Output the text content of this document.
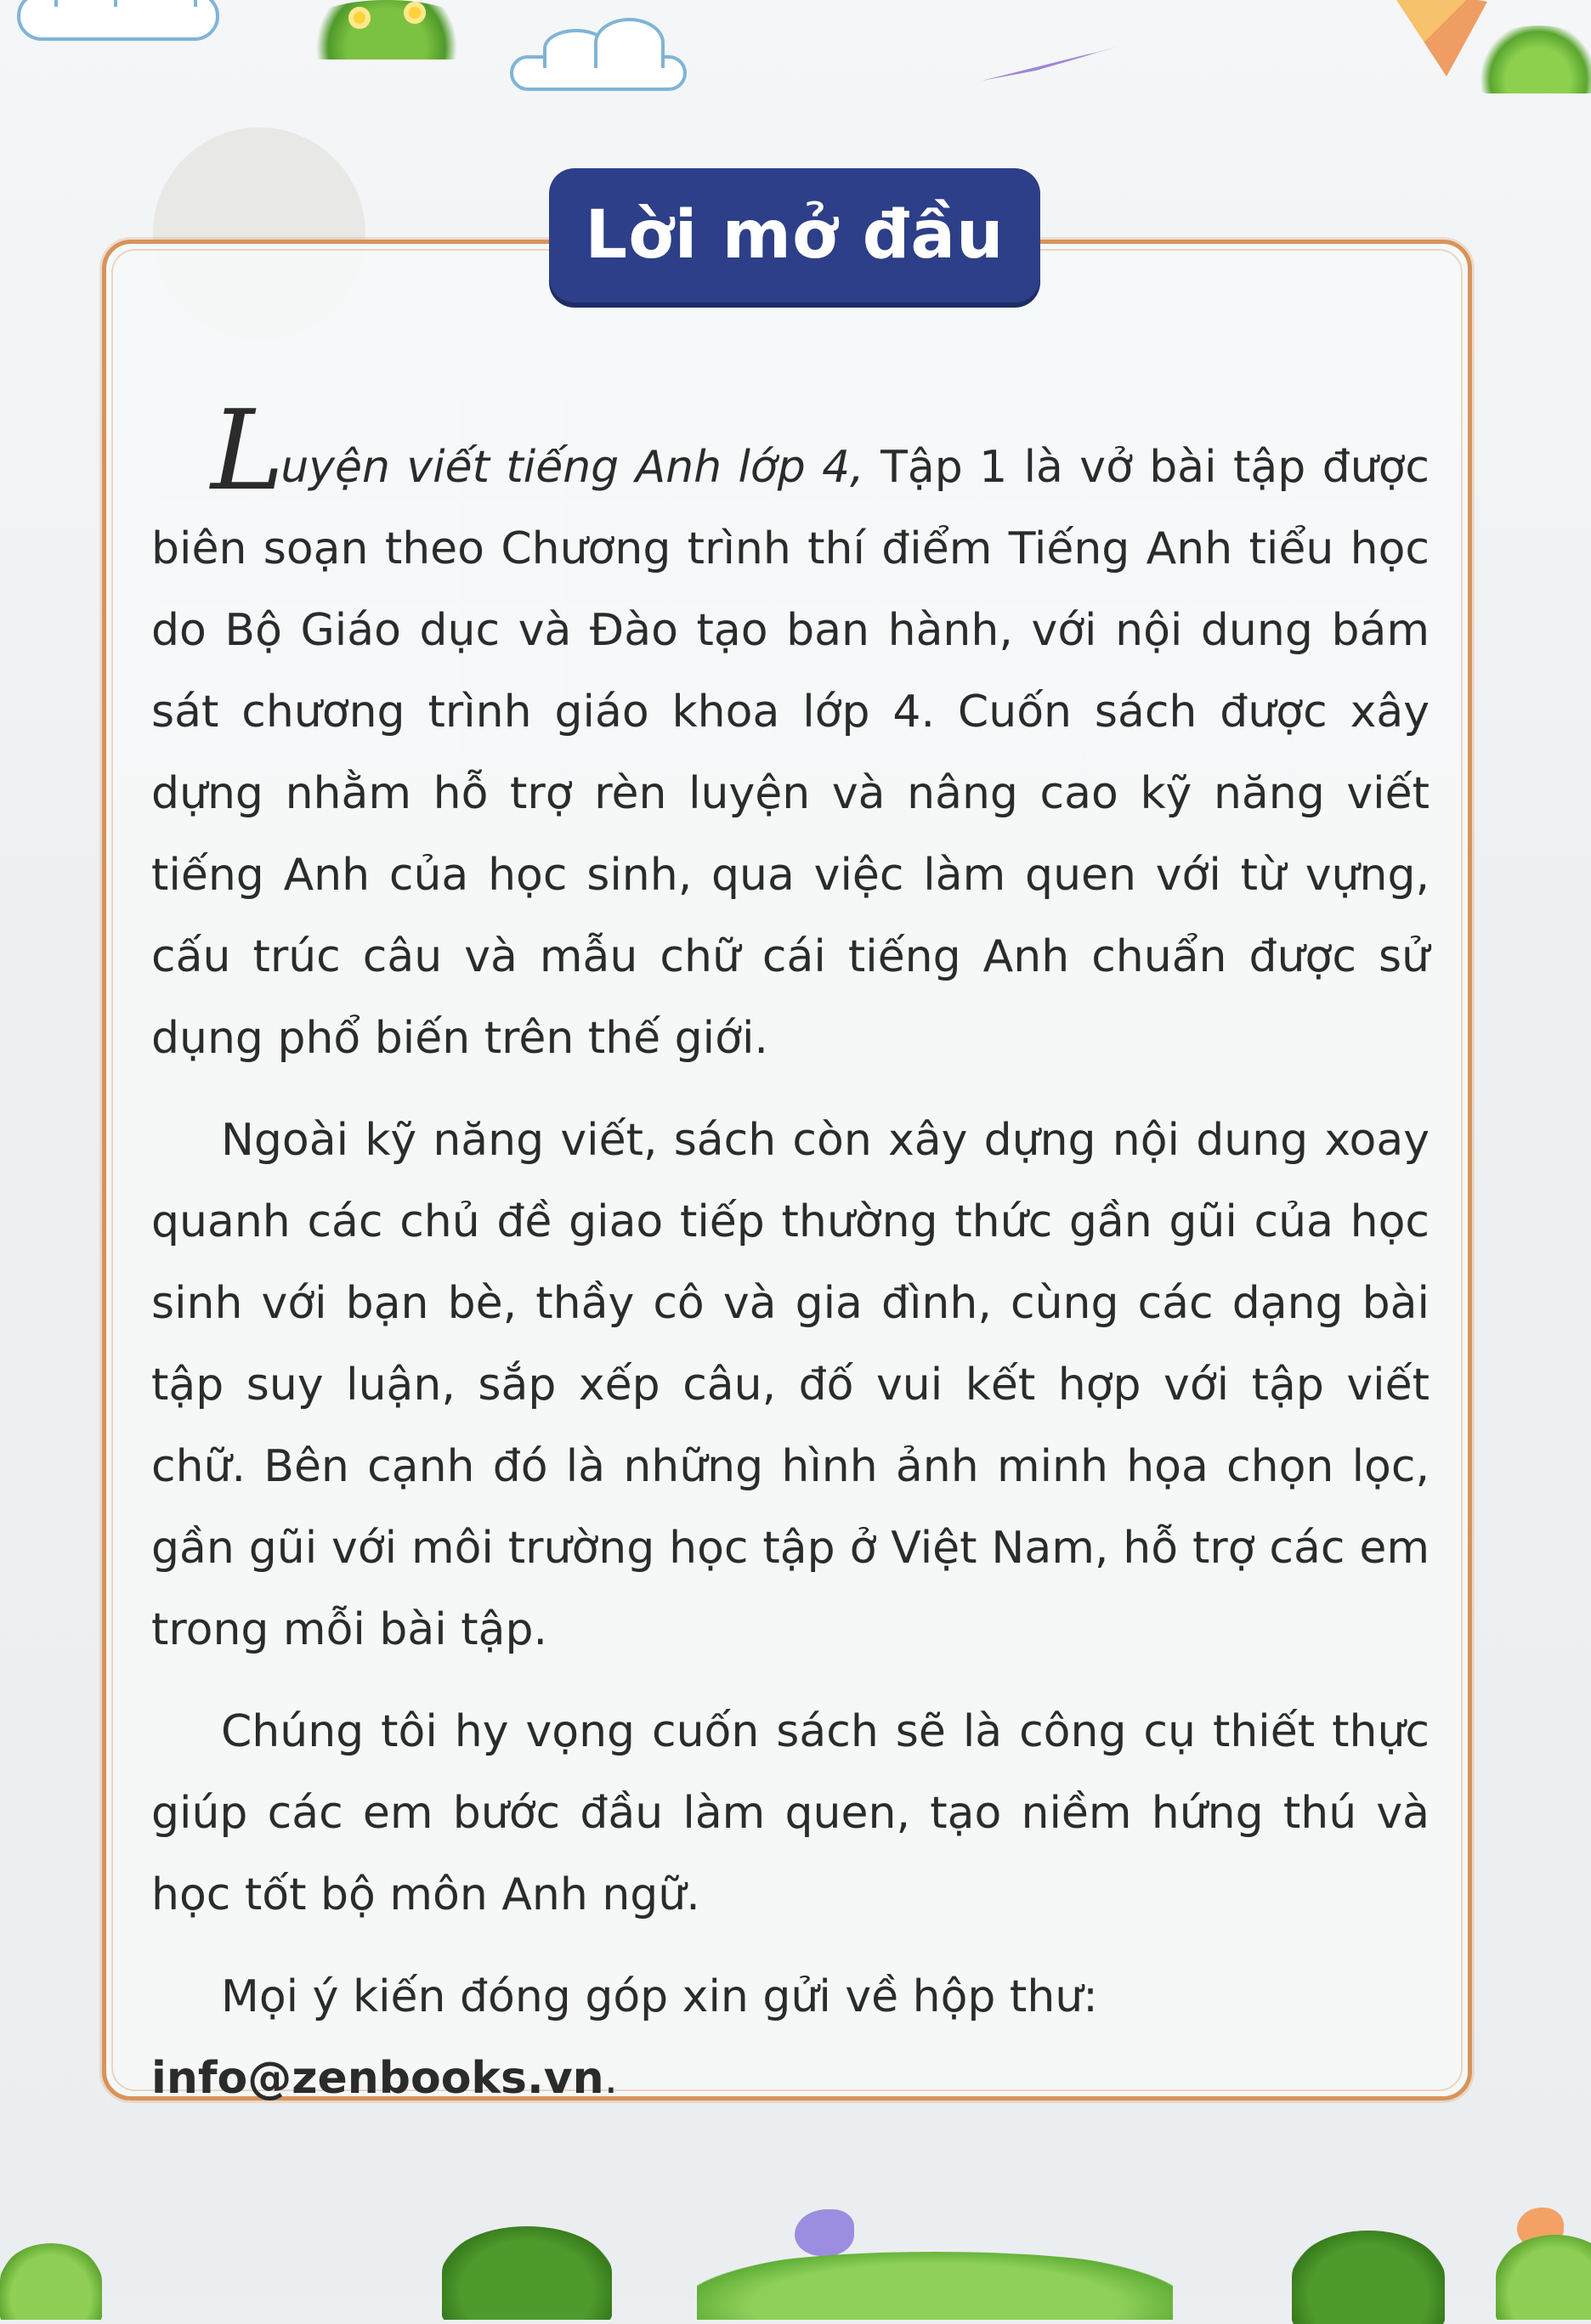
Lời mở đầu

Luyện viết tiếng Anh lớp 4, Tập 1 là vở bài tập được biên soạn theo Chương trình thí điểm Tiếng Anh tiểu học do Bộ Giáo dục và Đào tạo ban hành, với nội dung bám sát chương trình giáo khoa lớp 4. Cuốn sách được xây dựng nhằm hỗ trợ rèn luyện và nâng cao kỹ năng viết tiếng Anh của học sinh, qua việc làm quen với từ vựng, cấu trúc câu và mẫu chữ cái tiếng Anh chuẩn được sử dụng phổ biến trên thế giới.

Ngoài kỹ năng viết, sách còn xây dựng nội dung xoay quanh các chủ đề giao tiếp thường thức gần gũi của học sinh với bạn bè, thầy cô và gia đình, cùng các dạng bài tập suy luận, sắp xếp câu, đố vui kết hợp với tập viết chữ. Bên cạnh đó là những hình ảnh minh họa chọn lọc, gần gũi với môi trường học tập ở Việt Nam, hỗ trợ các em trong mỗi bài tập.

Chúng tôi hy vọng cuốn sách sẽ là công cụ thiết thực giúp các em bước đầu làm quen, tạo niềm hứng thú và học tốt bộ môn Anh ngữ.

Mọi ý kiến đóng góp xin gửi về hộp thư: info@zenbooks.vn.
